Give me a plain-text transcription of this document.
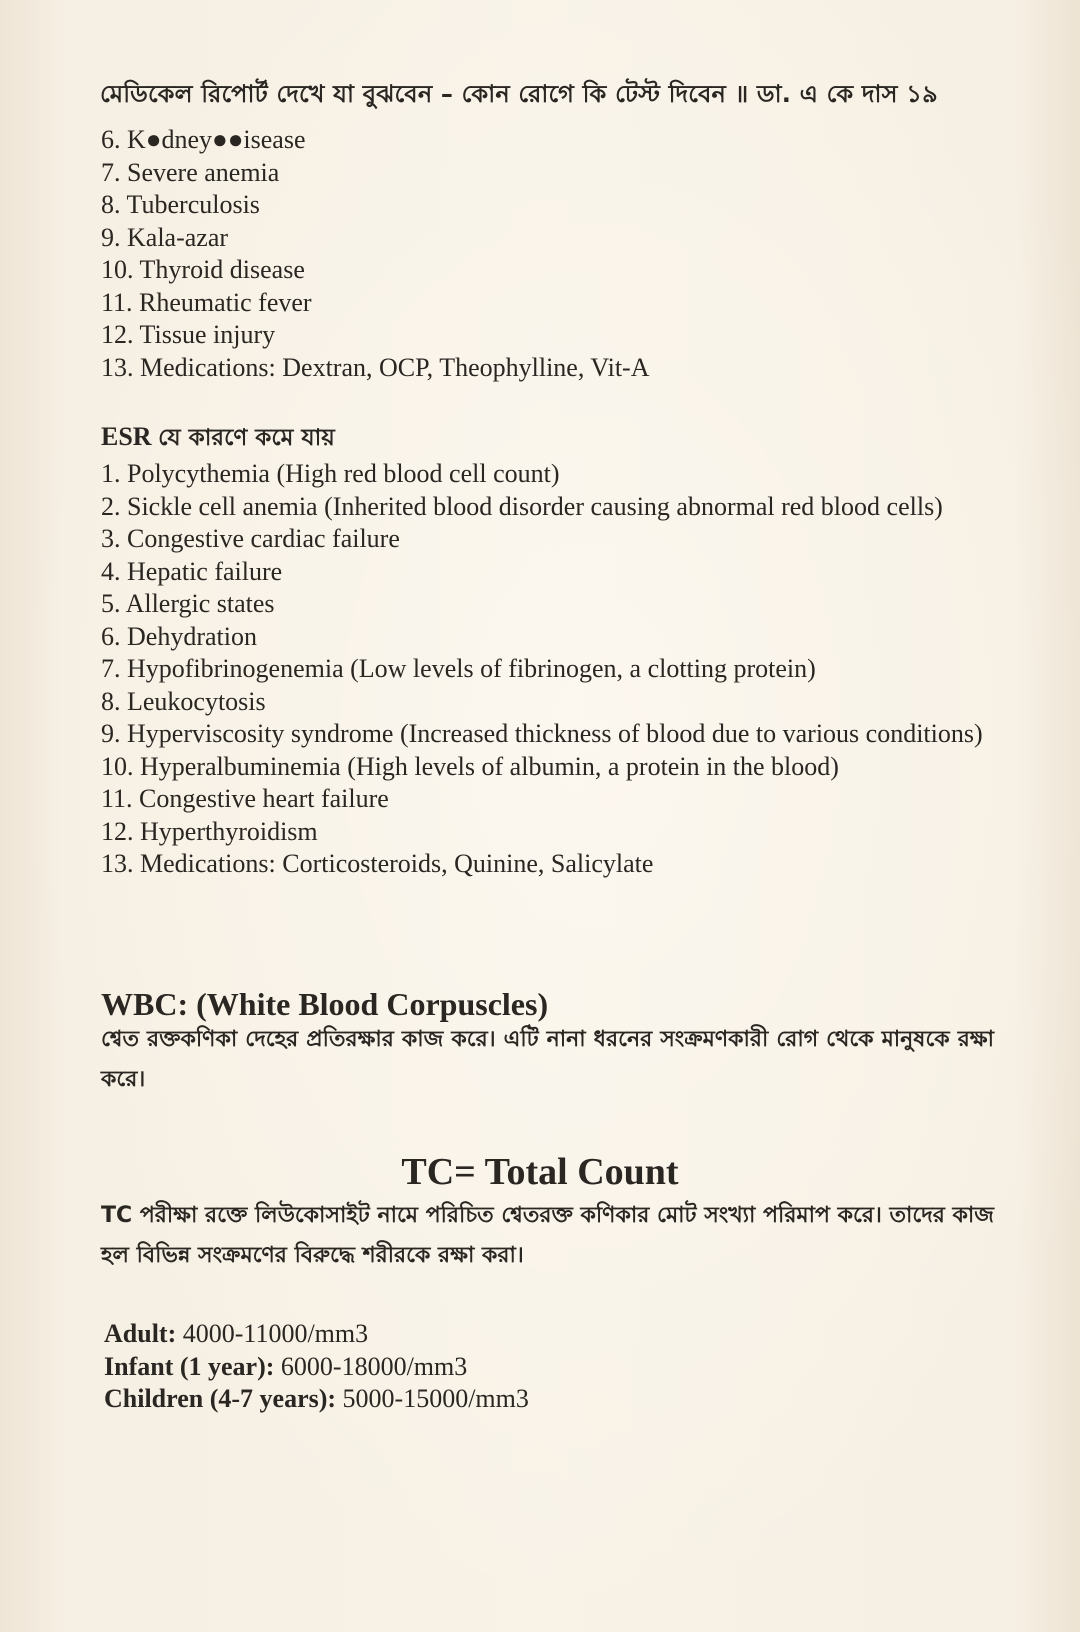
মেডিকেল রিপোর্ট দেখে যা বুঝবেন – কোন রোগে কি টেস্ট দিবেন ॥ ডা. এ কে দাস ১৯
6. K●dney●●isease
7. Severe anemia
8. Tuberculosis
9. Kala-azar
10. Thyroid disease
11. Rheumatic fever
12. Tissue injury
13. Medications: Dextran, OCP, Theophylline, Vit-A
ESR যে কারণে কমে যায়
1. Polycythemia (High red blood cell count)
2. Sickle cell anemia (Inherited blood disorder causing abnormal red blood cells)
3. Congestive cardiac failure
4. Hepatic failure
5. Allergic states
6. Dehydration
7. Hypofibrinogenemia (Low levels of fibrinogen, a clotting protein)
8. Leukocytosis
9. Hyperviscosity syndrome (Increased thickness of blood due to various conditions)
10. Hyperalbuminemia (High levels of albumin, a protein in the blood)
11. Congestive heart failure
12. Hyperthyroidism
13. Medications: Corticosteroids, Quinine, Salicylate
WBC: (White Blood Corpuscles)
শ্বেত রক্তকণিকা দেহের প্রতিরক্ষার কাজ করে। এটি নানা ধরনের সংক্রমণকারী রোগ থেকে মানুষকে রক্ষা করে।
TC= Total Count
TC পরীক্ষা রক্তে লিউকোসাইট নামে পরিচিত শ্বেতরক্ত কণিকার মোট সংখ্যা পরিমাপ করে। তাদের কাজ হল বিভিন্ন সংক্রমণের বিরুদ্ধে শরীরকে রক্ষা করা।
Adult: 4000-11000/mm3
Infant (1 year): 6000-18000/mm3
Children (4-7 years): 5000-15000/mm3
